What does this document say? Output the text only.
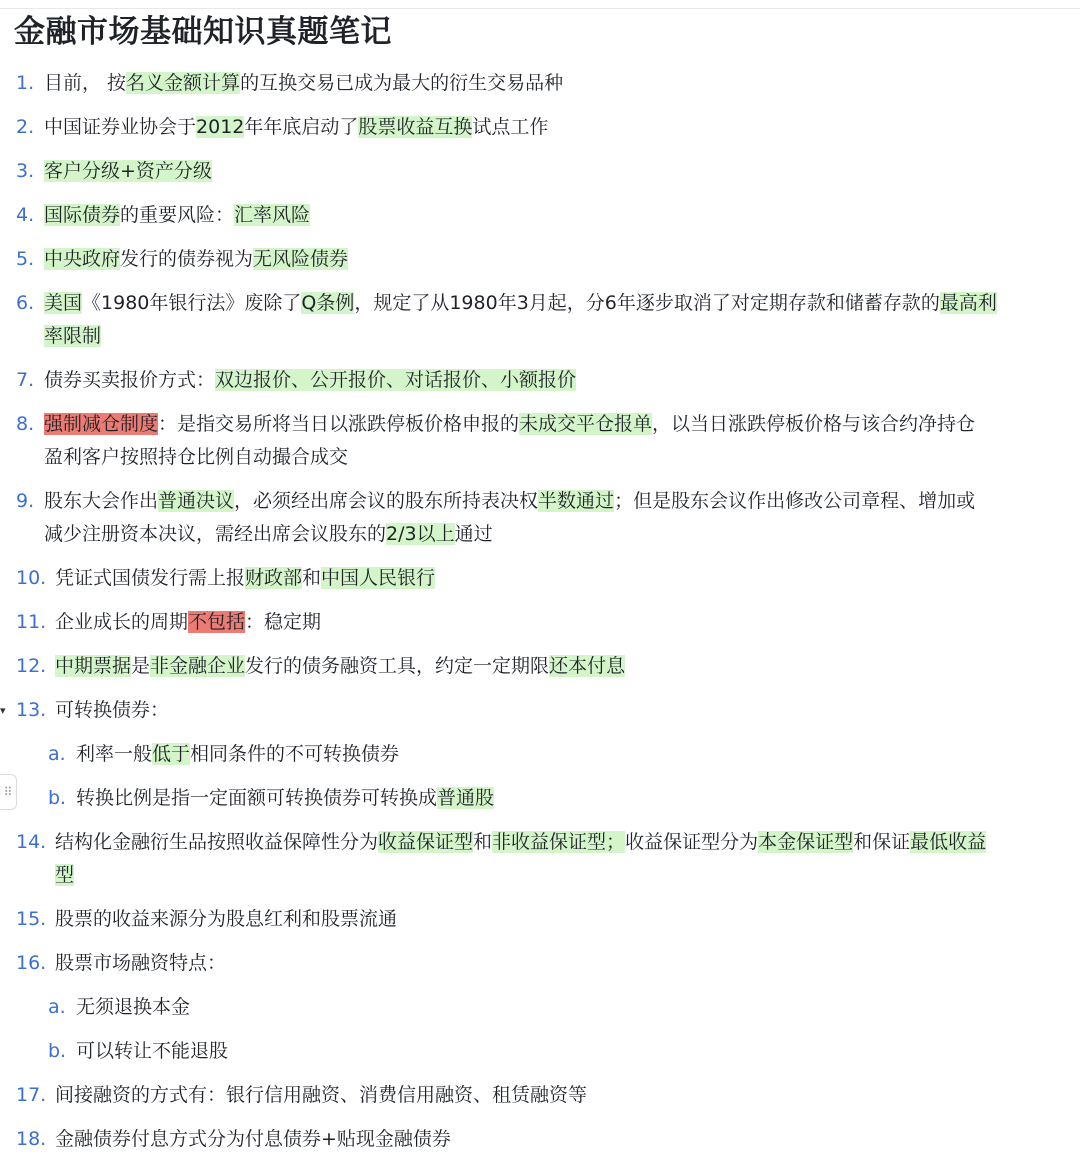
金融市场基础知识真题笔记
1. 目前， 按名义金额计算的互换交易已成为最大的衍生交易品种
2. 中国证券业协会于2012年年底启动了股票收益互换试点工作
3. 客户分级+资产分级
4. 国际债券的重要风险：汇率风险
5. 中央政府发行的债券视为无风险债券
6. 美国《1980年银行法》废除了Q条例，规定了从1980年3月起，分6年逐步取消了对定期存款和储蓄存款的最高利
率限制
7. 债券买卖报价方式：双边报价、公开报价、对话报价、小额报价
8. 强制减仓制度：是指交易所将当日以涨跌停板价格申报的未成交平仓报单，以当日涨跌停板价格与该合约净持仓
盈利客户按照持仓比例自动撮合成交
9. 股东大会作出普通决议，必须经出席会议的股东所持表决权半数通过；但是股东会议作出修改公司章程、增加或
减少注册资本决议，需经出席会议股东的2/3以上通过
10. 凭证式国债发行需上报财政部和中国人民银行
11. 企业成长的周期不包括：稳定期
12. 中期票据是非金融企业发行的债务融资工具，约定一定期限还本付息
▾ 13. 可转换债券：
a. 利率一般低于相同条件的不可转换债券
⠿ b. 转换比例是指一定面额可转换债券可转换成普通股
14. 结构化金融衍生品按照收益保障性分为收益保证型和非收益保证型；收益保证型分为本金保证型和保证最低收益
型
15. 股票的收益来源分为股息红利和股票流通
16. 股票市场融资特点：
a. 无须退换本金
b. 可以转让不能退股
17. 间接融资的方式有：银行信用融资、消费信用融资、租赁融资等
18. 金融债券付息方式分为付息债券+贴现金融债券
